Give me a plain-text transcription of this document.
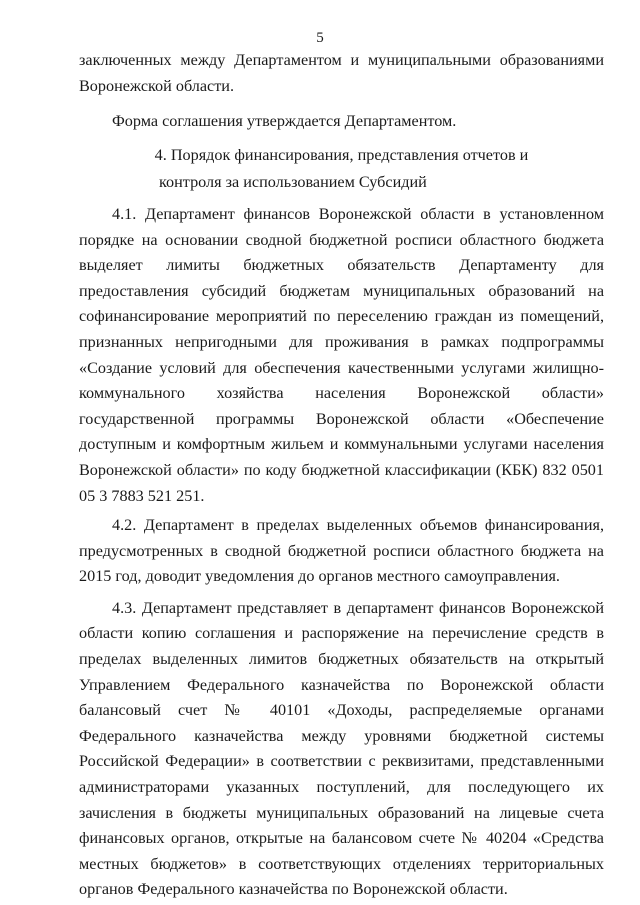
5

заключенных между Департаментом и муниципальными образованиями Воронежской области.

Форма соглашения утверждается Департаментом.

4. Порядок финансирования, представления отчетов и

контроля за использованием Субсидий

4.1. Департамент финансов Воронежской области в установленном порядке на основании сводной бюджетной росписи областного бюджета выделяет лимиты бюджетных обязательств Департаменту для предоставления субсидий бюджетам муниципальных образований на софинансирование мероприятий по переселению граждан из помещений, признанных непригодными для проживания в рамках подпрограммы «Создание условий для обеспечения качественными услугами жилищно-коммунального хозяйства населения Воронежской области» государственной программы Воронежской области «Обеспечение доступным и комфортным жильем и коммунальными услугами населения Воронежской области» по коду бюджетной классификации (КБК) 832 0501 05 3 7883 521 251.

4.2. Департамент в пределах выделенных объемов финансирования, предусмотренных в сводной бюджетной росписи областного бюджета на 2015 год, доводит уведомления до органов местного самоуправления.

4.3. Департамент представляет в департамент финансов Воронежской области копию соглашения и распоряжение на перечисление средств в пределах выделенных лимитов бюджетных обязательств на открытый Управлением Федерального казначейства по Воронежской области балансовый счет № 40101 «Доходы, распределяемые органами Федерального казначейства между уровнями бюджетной системы Российской Федерации» в соответствии с реквизитами, представленными администраторами указанных поступлений, для последующего их зачисления в бюджеты муниципальных образований на лицевые счета финансовых органов, открытые на балансовом счете № 40204 «Средства местных бюджетов» в соответствующих отделениях территориальных органов Федерального казначейства по Воронежской области.
